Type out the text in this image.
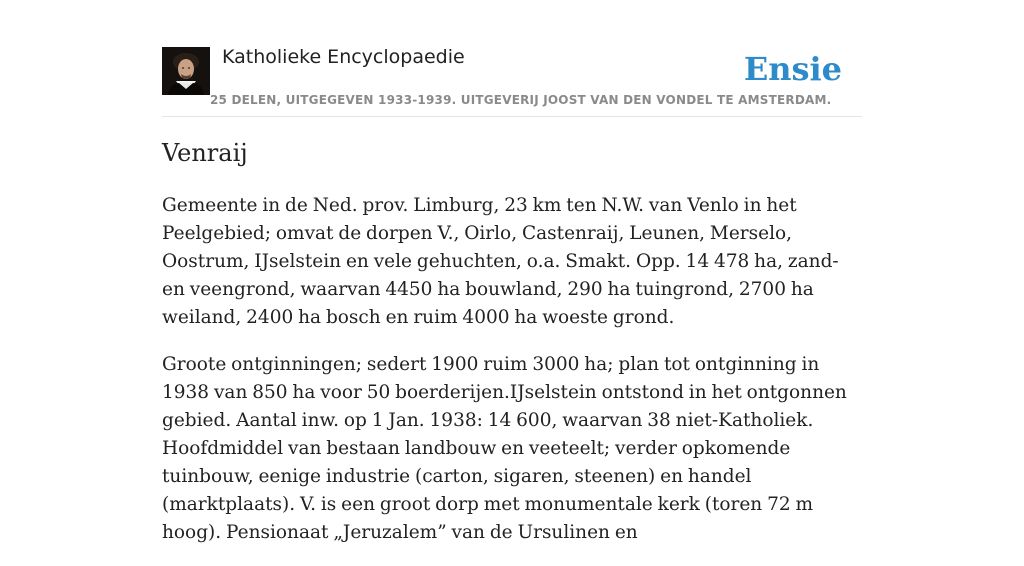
Katholieke Encyclopaedie
25 DELEN, UITGEGEVEN 1933-1939. UITGEVERIJ JOOST VAN DEN VONDEL TE AMSTERDAM.
Ensie
Venraij

Gemeente in de Ned. prov. Limburg, 23 km ten N.W. van Venlo in het Peelgebied; omvat de dorpen V., Oirlo, Castenraij, Leunen, Merselo, Oostrum, IJselstein en vele gehuchten, o.a. Smakt. Opp. 14 478 ha, zand- en veengrond, waarvan 4450 ha bouwland, 290 ha tuingrond, 2700 ha weiland, 2400 ha bosch en ruim 4000 ha woeste grond.

Groote ontginningen; sedert 1900 ruim 3000 ha; plan tot ontginning in 1938 van 850 ha voor 50 boerderijen.IJselstein ontstond in het ontgonnen gebied. Aantal inw. op 1 Jan. 1938: 14 600, waarvan 38 niet-Katholiek. Hoofdmiddel van bestaan landbouw en veeteelt; verder opkomende tuinbouw, eenige industrie (carton, sigaren, steenen) en handel (marktplaats). V. is een groot dorp met monumentale kerk (toren 72 m hoog). Pensionaat „Jeruzalem” van de Ursulinen en
